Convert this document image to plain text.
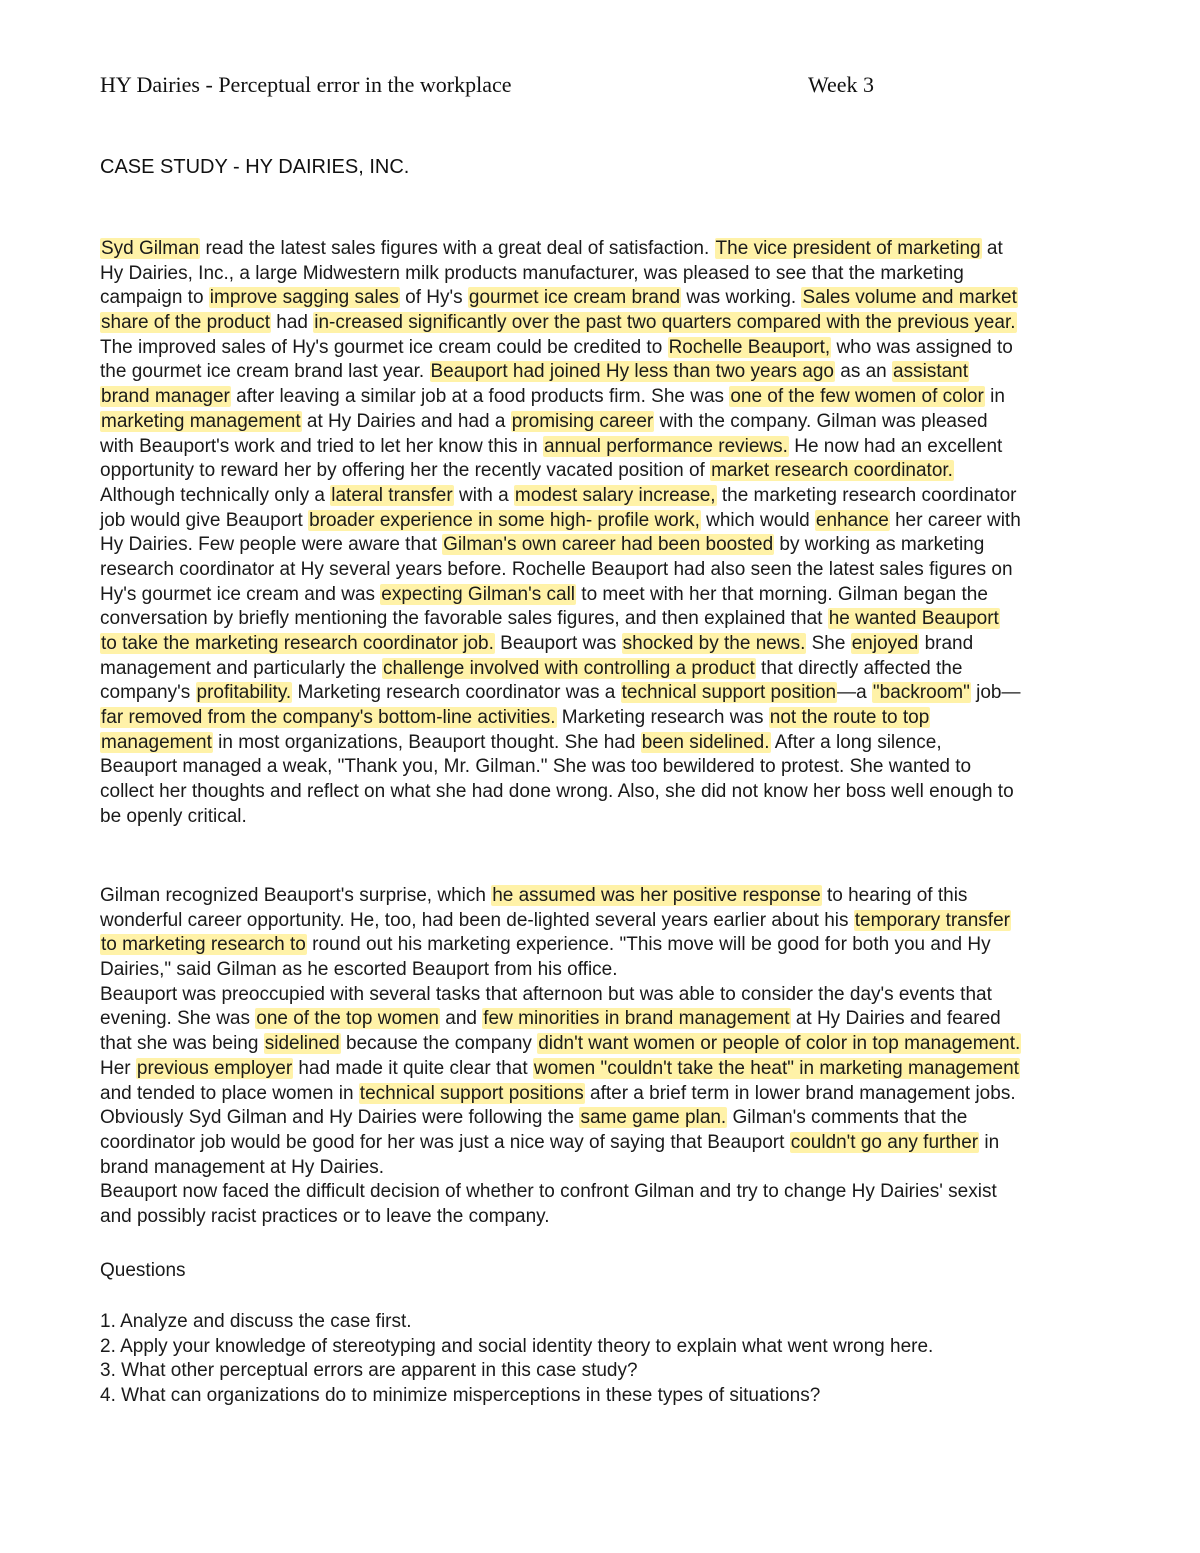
HY Dairies - Perceptual error in the workplace	Week 3
CASE STUDY - HY DAIRIES, INC.
Syd Gilman read the latest sales figures with a great deal of satisfaction. The vice president of marketing at
Hy Dairies, Inc., a large Midwestern milk products manufacturer, was pleased to see that the marketing
campaign to improve sagging sales of Hy's gourmet ice cream brand was working. Sales volume and market
share of the product had in-creased significantly over the past two quarters compared with the previous year.
The improved sales of Hy's gourmet ice cream could be credited to Rochelle Beauport, who was assigned to
the gourmet ice cream brand last year. Beauport had joined Hy less than two years ago as an assistant
brand manager after leaving a similar job at a food products firm. She was one of the few women of color in
marketing management at Hy Dairies and had a promising career with the company. Gilman was pleased
with Beauport's work and tried to let her know this in annual performance reviews. He now had an excellent
opportunity to reward her by offering her the recently vacated position of market research coordinator.
Although technically only a lateral transfer with a modest salary increase, the marketing research coordinator
job would give Beauport broader experience in some high- profile work, which would enhance her career with
Hy Dairies. Few people were aware that Gilman's own career had been boosted by working as marketing
research coordinator at Hy several years before. Rochelle Beauport had also seen the latest sales figures on
Hy's gourmet ice cream and was expecting Gilman's call to meet with her that morning. Gilman began the
conversation by briefly mentioning the favorable sales figures, and then explained that he wanted Beauport
to take the marketing research coordinator job. Beauport was shocked by the news. She enjoyed brand
management and particularly the challenge involved with controlling a product that directly affected the
company's profitability. Marketing research coordinator was a technical support position—a "backroom" job—
far removed from the company's bottom-line activities. Marketing research was not the route to top
management in most organizations, Beauport thought. She had been sidelined. After a long silence,
Beauport managed a weak, "Thank you, Mr. Gilman." She was too bewildered to protest. She wanted to
collect her thoughts and reflect on what she had done wrong. Also, she did not know her boss well enough to
be openly critical.
Gilman recognized Beauport's surprise, which he assumed was her positive response to hearing of this
wonderful career opportunity. He, too, had been de-lighted several years earlier about his temporary transfer
to marketing research to round out his marketing experience. "This move will be good for both you and Hy
Dairies," said Gilman as he escorted Beauport from his office.
Beauport was preoccupied with several tasks that afternoon but was able to consider the day's events that
evening. She was one of the top women and few minorities in brand management at Hy Dairies and feared
that she was being sidelined because the company didn't want women or people of color in top management.
Her previous employer had made it quite clear that women "couldn't take the heat" in marketing management
and tended to place women in technical support positions after a brief term in lower brand management jobs.
Obviously Syd Gilman and Hy Dairies were following the same game plan. Gilman's comments that the
coordinator job would be good for her was just a nice way of saying that Beauport couldn't go any further in
brand management at Hy Dairies.
Beauport now faced the difficult decision of whether to confront Gilman and try to change Hy Dairies' sexist
and possibly racist practices or to leave the company.
Questions
1. Analyze and discuss the case first.
2. Apply your knowledge of stereotyping and social identity theory to explain what went wrong here.
3. What other perceptual errors are apparent in this case study?
4. What can organizations do to minimize misperceptions in these types of situations?
